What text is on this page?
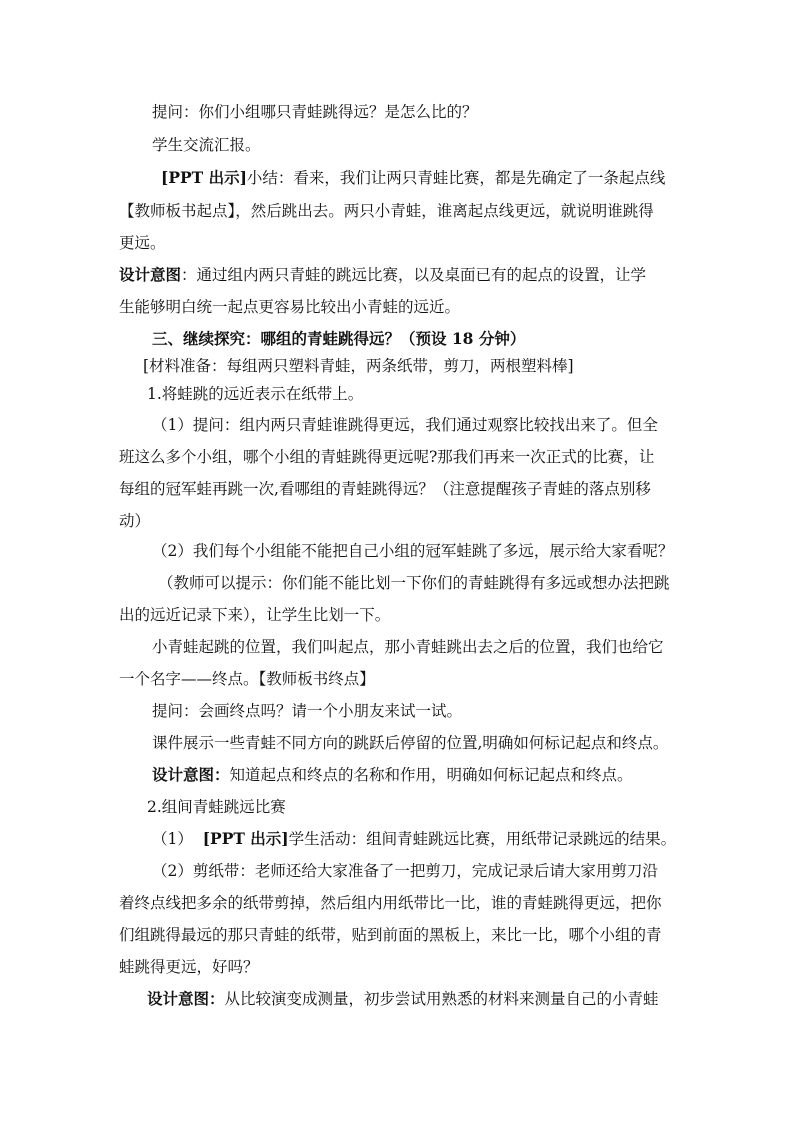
提问：你们小组哪只青蛙跳得远？是怎么比的？
学生交流汇报。
[PPT 出示]小结：看来，我们让两只青蛙比赛，都是先确定了一条起点线
【教师板书起点】，然后跳出去。两只小青蛙，谁离起点线更远，就说明谁跳得
更远。
设计意图：通过组内两只青蛙的跳远比赛，以及桌面已有的起点的设置，让学
生能够明白统一起点更容易比较出小青蛙的远近。
三、继续探究：哪组的青蛙跳得远？（预设 18 分钟）
[材料准备：每组两只塑料青蛙，两条纸带，剪刀，两根塑料棒]
1.将蛙跳的远近表示在纸带上。
（1）提问：组内两只青蛙谁跳得更远，我们通过观察比较找出来了。但全
班这么多个小组，哪个小组的青蛙跳得更远呢?那我们再来一次正式的比赛，让
每组的冠军蛙再跳一次,看哪组的青蛙跳得远？（注意提醒孩子青蛙的落点别移
动）
（2）我们每个小组能不能把自己小组的冠军蛙跳了多远，展示给大家看呢？
（教师可以提示：你们能不能比划一下你们的青蛙跳得有多远或想办法把跳
出的远近记录下来），让学生比划一下。
小青蛙起跳的位置，我们叫起点，那小青蛙跳出去之后的位置，我们也给它
一个名字——终点。【教师板书终点】
提问：会画终点吗？请一个小朋友来试一试。
课件展示一些青蛙不同方向的跳跃后停留的位置,明确如何标记起点和终点。
设计意图：知道起点和终点的名称和作用，明确如何标记起点和终点。
2.组间青蛙跳远比赛
（1）  [PPT 出示]学生活动：组间青蛙跳远比赛，用纸带记录跳远的结果。
（2）剪纸带：老师还给大家准备了一把剪刀，完成记录后请大家用剪刀沿
着终点线把多余的纸带剪掉，然后组内用纸带比一比，谁的青蛙跳得更远，把你
们组跳得最远的那只青蛙的纸带，贴到前面的黑板上，来比一比，哪个小组的青
蛙跳得更远，好吗？
设计意图：从比较演变成测量，初步尝试用熟悉的材料来测量自己的小青蛙
